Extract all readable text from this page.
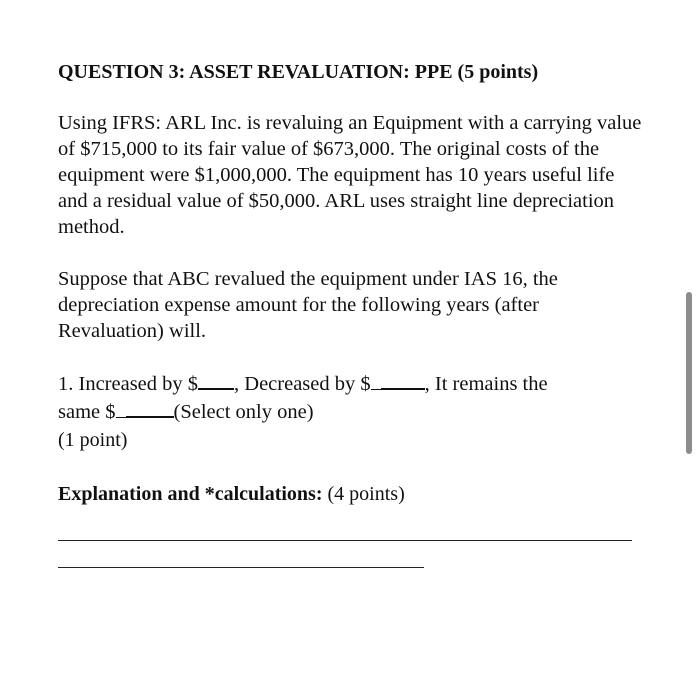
QUESTION 3: ASSET REVALUATION: PPE (5 points)

Using IFRS: ARL Inc. is revaluing an Equipment with a carrying value of $715,000 to its fair value of $673,000. The original costs of the equipment were $1,000,000. The equipment has 10 years useful life and a residual value of $50,000. ARL uses straight line depreciation method.

Suppose that ABC revalued the equipment under IAS 16, the depreciation expense amount for the following years (after Revaluation) will.

1. Increased by $ , Decreased by $	, It remains the
same $	(Select only one)
(1 point)

Explanation and *calculations: (4 points)
